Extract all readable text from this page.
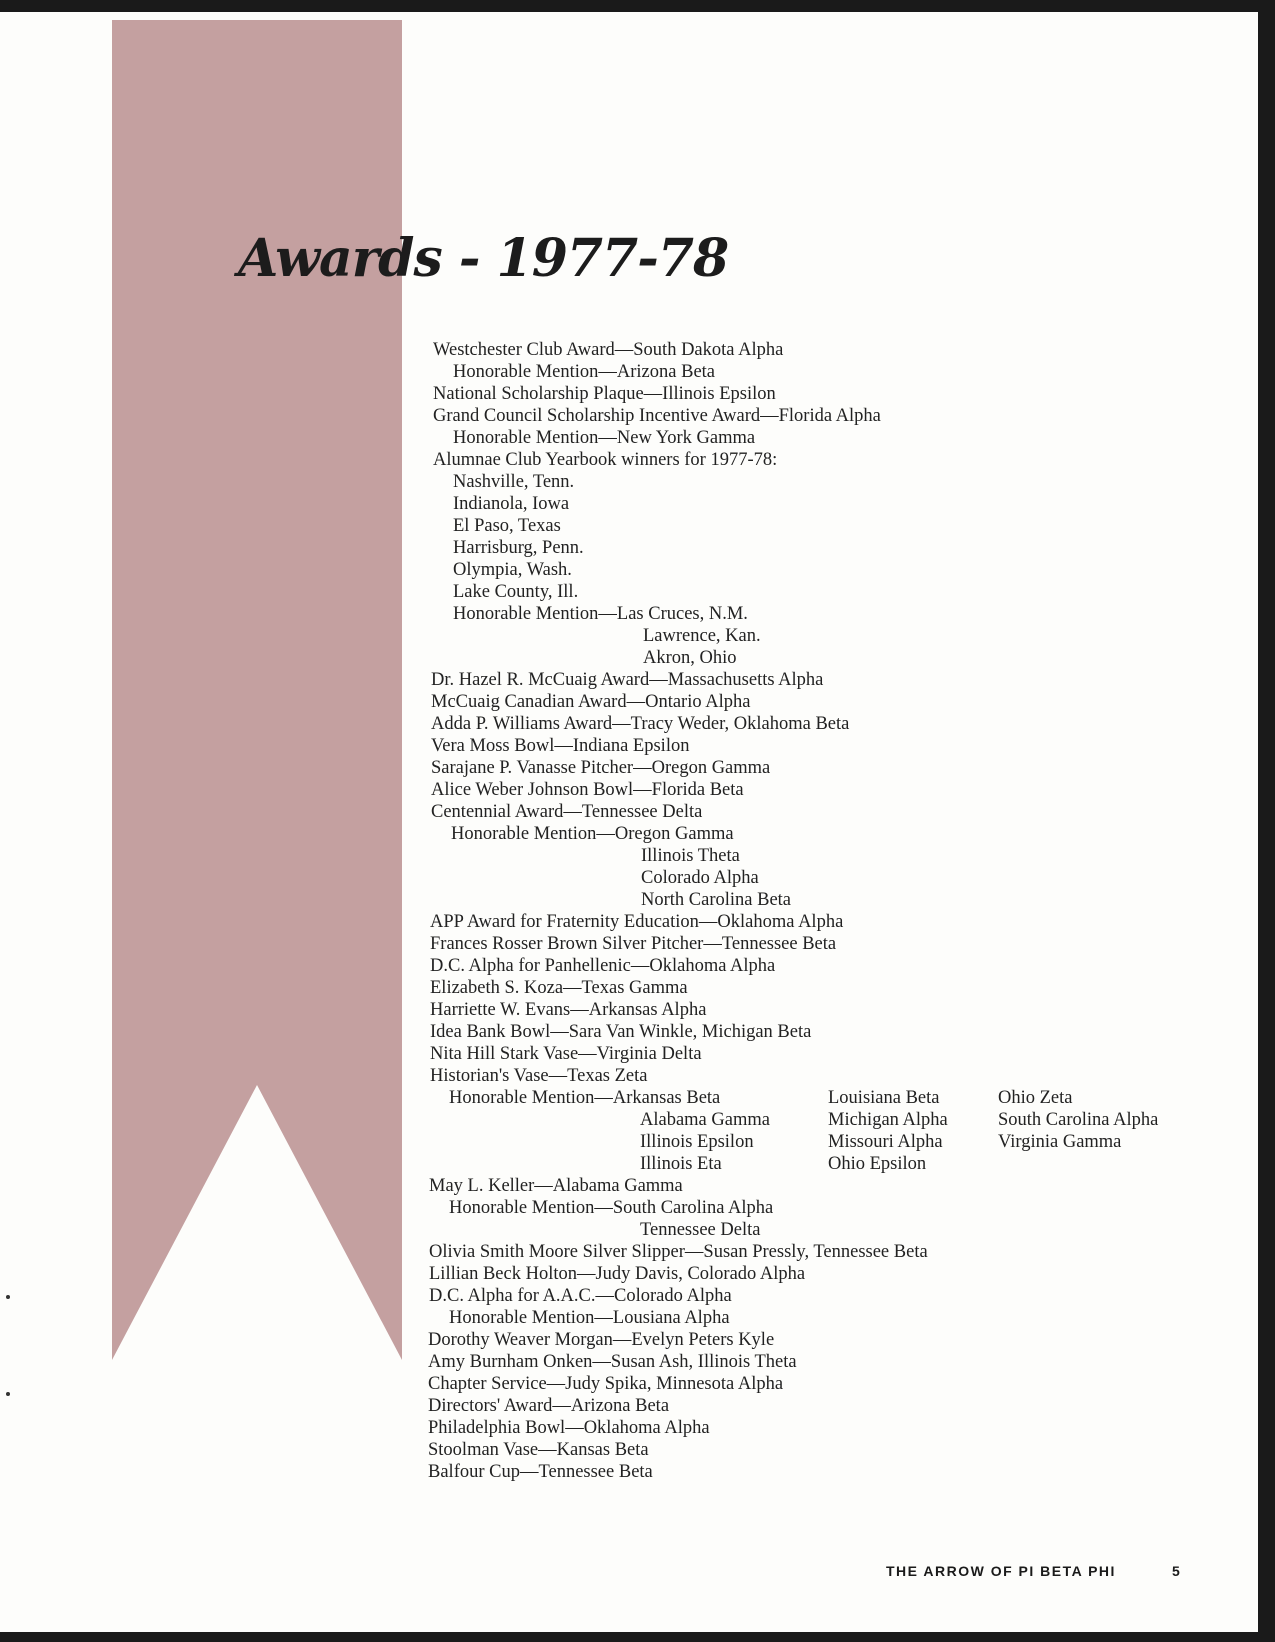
Awards - 1977-78
Westchester Club Award—South Dakota Alpha
Honorable Mention—Arizona Beta
National Scholarship Plaque—Illinois Epsilon
Grand Council Scholarship Incentive Award—Florida Alpha
Honorable Mention—New York Gamma
Alumnae Club Yearbook winners for 1977-78:
Nashville, Tenn.
Indianola, Iowa
El Paso, Texas
Harrisburg, Penn.
Olympia, Wash.
Lake County, Ill.
Honorable Mention—Las Cruces, N.M.
Lawrence, Kan.
Akron, Ohio
Dr. Hazel R. McCuaig Award—Massachusetts Alpha
McCuaig Canadian Award—Ontario Alpha
Adda P. Williams Award—Tracy Weder, Oklahoma Beta
Vera Moss Bowl—Indiana Epsilon
Sarajane P. Vanasse Pitcher—Oregon Gamma
Alice Weber Johnson Bowl—Florida Beta
Centennial Award—Tennessee Delta
Honorable Mention—Oregon Gamma
Illinois Theta
Colorado Alpha
North Carolina Beta
APP Award for Fraternity Education—Oklahoma Alpha
Frances Rosser Brown Silver Pitcher—Tennessee Beta
D.C. Alpha for Panhellenic—Oklahoma Alpha
Elizabeth S. Koza—Texas Gamma
Harriette W. Evans—Arkansas Alpha
Idea Bank Bowl—Sara Van Winkle, Michigan Beta
Nita Hill Stark Vase—Virginia Delta
Historian's Vase—Texas Zeta
Honorable Mention—Arkansas Beta	Louisiana Beta	Ohio Zeta
Alabama Gamma	Michigan Alpha	South Carolina Alpha
Illinois Epsilon	Missouri Alpha	Virginia Gamma
Illinois Eta	Ohio Epsilon
May L. Keller—Alabama Gamma
Honorable Mention—South Carolina Alpha
Tennessee Delta
Olivia Smith Moore Silver Slipper—Susan Pressly, Tennessee Beta
Lillian Beck Holton—Judy Davis, Colorado Alpha
D.C. Alpha for A.A.C.—Colorado Alpha
Honorable Mention—Lousiana Alpha
Dorothy Weaver Morgan—Evelyn Peters Kyle
Amy Burnham Onken—Susan Ash, Illinois Theta
Chapter Service—Judy Spika, Minnesota Alpha
Directors' Award—Arizona Beta
Philadelphia Bowl—Oklahoma Alpha
Stoolman Vase—Kansas Beta
Balfour Cup—Tennessee Beta
THE ARROW OF PI BETA PHI	5
